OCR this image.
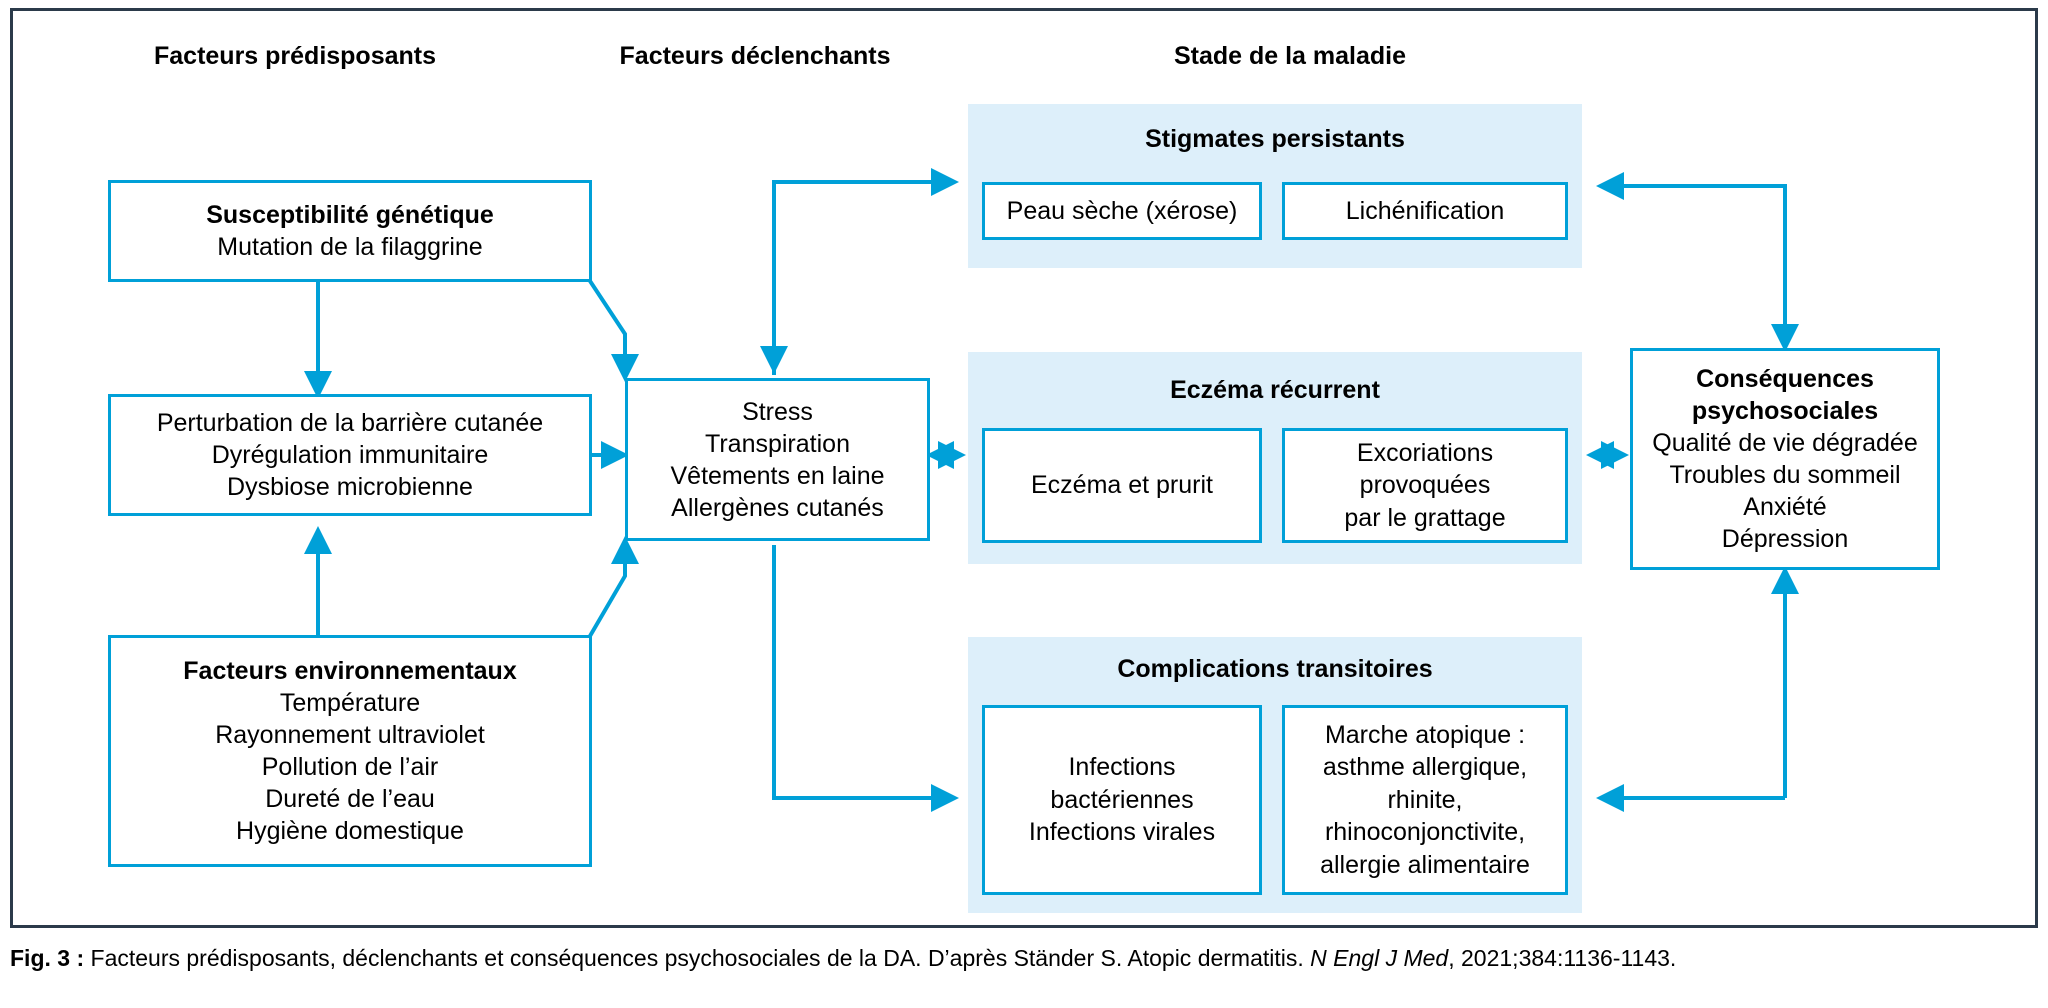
Facteurs prédisposants	Facteurs déclenchants	Stade de la maladie
Susceptibilité génétique
Mutation de la filaggrine
Perturbation de la barrière cutanée
Dyrégulation immunitaire
Dysbiose microbienne
Facteurs environnementaux
Température
Rayonnement ultraviolet
Pollution de l’air
Dureté de l’eau
Hygiène domestique
Stress
Transpiration
Vêtements en laine
Allergènes cutanés
Stigmates persistants
Peau sèche (xérose)	Lichénification
Eczéma récurrent
Eczéma et prurit
Excoriations
provoquées
par le grattage
Complications transitoires
Infections
bactériennes
Infections virales
Marche atopique :
asthme allergique,
rhinite,
rhinoconjonctivite,
allergie alimentaire
Conséquences
psychosociales
Qualité de vie dégradée
Troubles du sommeil
Anxiété
Dépression
Fig. 3 : Facteurs prédisposants, déclenchants et conséquences psychosociales de la DA. D’après Ständer S. Atopic dermatitis. N Engl J Med, 2021;384:1136-1143.
